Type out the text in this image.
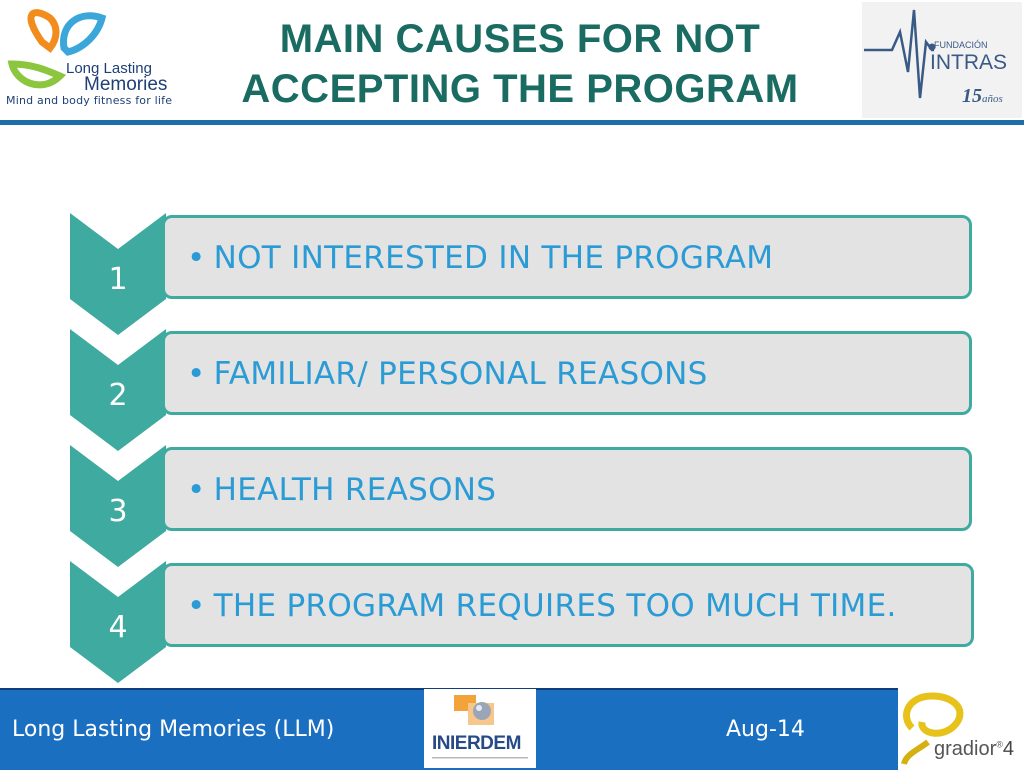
Long Lasting
Memories
Mind and body fitness for life
MAIN CAUSES FOR NOT
ACCEPTING THE PROGRAM
FUNDACIÓN
INTRAS
15años
1
2
3
4
• NOT INTERESTED IN THE PROGRAM
• FAMILIAR/ PERSONAL REASONS
• HEALTH REASONS
• THE PROGRAM REQUIRES TOO MUCH TIME.
Long Lasting Memories (LLM)	Aug-14
INIERDEM	gradior®4
